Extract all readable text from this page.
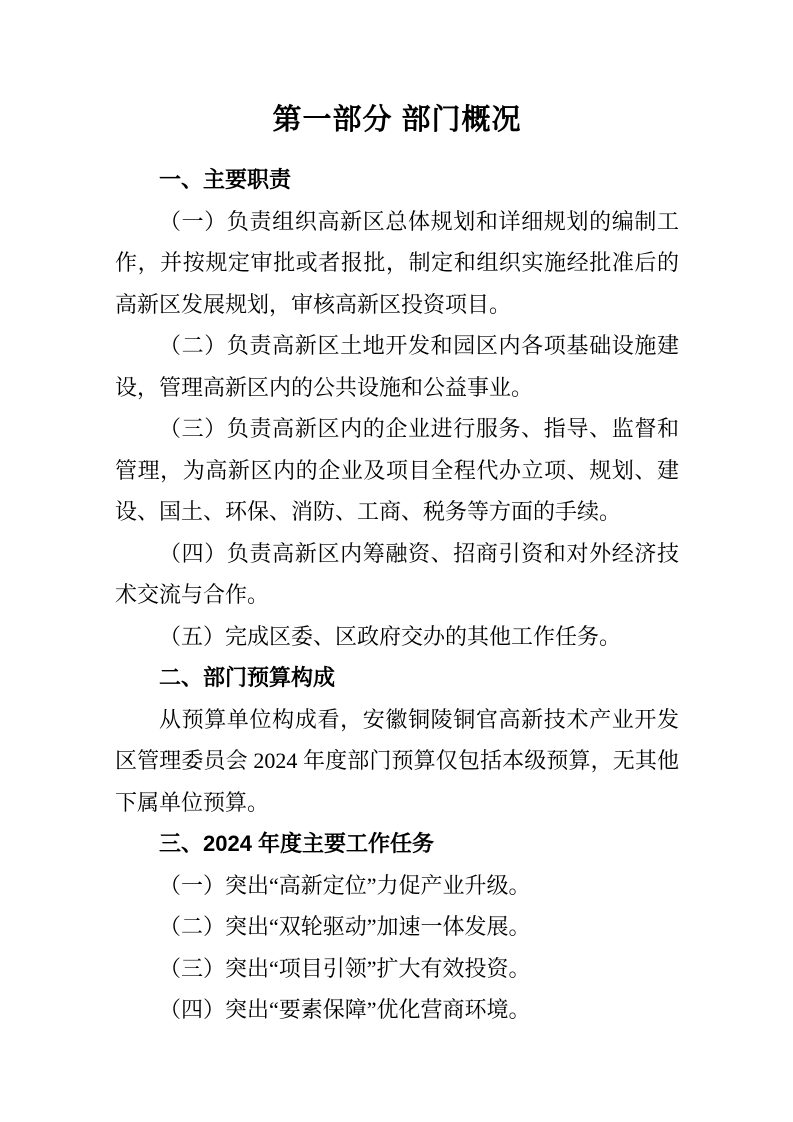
第一部分 部门概况
一、主要职责

（一）负责组织高新区总体规划和详细规划的编制工作，并按规定审批或者报批，制定和组织实施经批准后的高新区发展规划，审核高新区投资项目。

（二）负责高新区土地开发和园区内各项基础设施建设，管理高新区内的公共设施和公益事业。

（三）负责高新区内的企业进行服务、指导、监督和管理，为高新区内的企业及项目全程代办立项、规划、建设、国土、环保、消防、工商、税务等方面的手续。

（四）负责高新区内筹融资、招商引资和对外经济技术交流与合作。

（五）完成区委、区政府交办的其他工作任务。

二、部门预算构成

从预算单位构成看，安徽铜陵铜官高新技术产业开发区管理委员会 2024 年度部门预算仅包括本级预算，无其他下属单位预算。

三、2024 年度主要工作任务

（一）突出“高新定位”力促产业升级。

（二）突出“双轮驱动”加速一体发展。

（三）突出“项目引领”扩大有效投资。

（四）突出“要素保障”优化营商环境。
